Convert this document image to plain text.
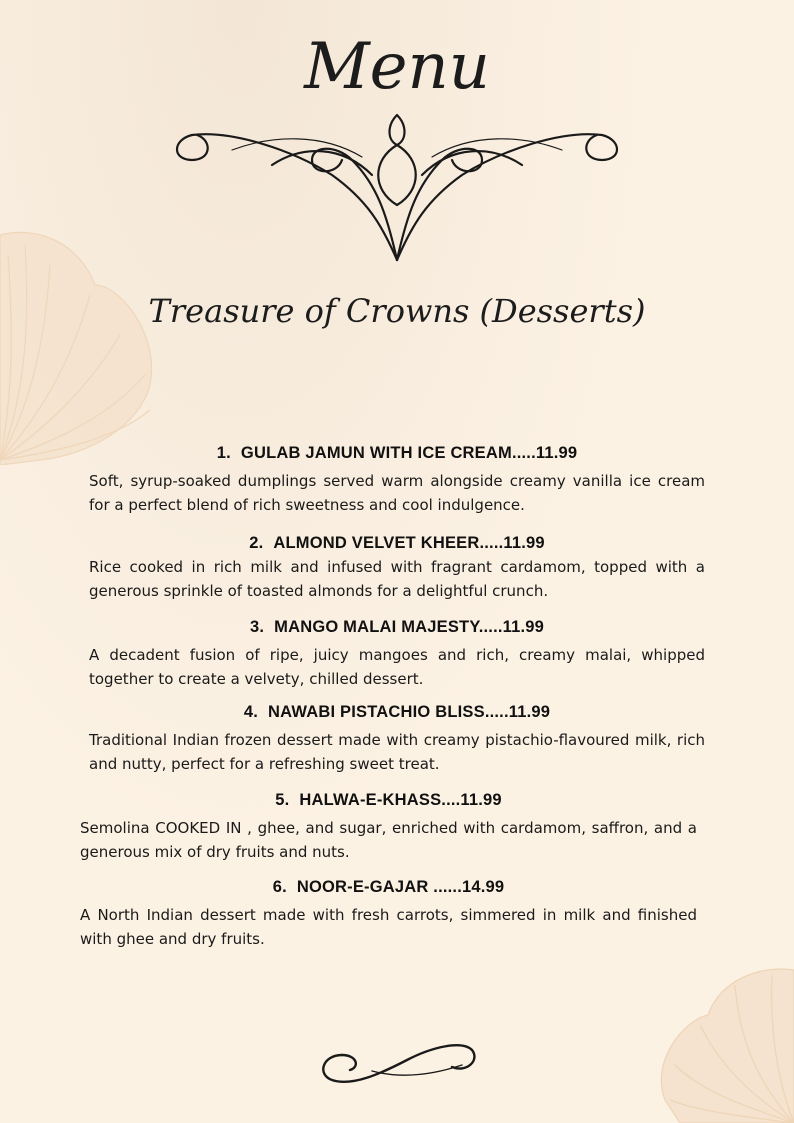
Menu
Treasure of Crowns (Desserts)
1. GULAB JAMUN WITH ICE CREAM.....11.99

Soft, syrup-soaked dumplings served warm alongside creamy vanilla ice cream for a perfect blend of rich sweetness and cool indulgence.

2. ALMOND VELVET KHEER.....11.99

Rice cooked in rich milk and infused with fragrant cardamom, topped with a generous sprinkle of toasted almonds for a delightful crunch.

3. MANGO MALAI MAJESTY.....11.99

A decadent fusion of ripe, juicy mangoes and rich, creamy malai, whipped together to create a velvety, chilled dessert.

4. NAWABI PISTACHIO BLISS.....11.99

Traditional Indian frozen dessert made with creamy pistachio-flavoured milk, rich and nutty, perfect for a refreshing sweet treat.

5. HALWA-E-KHASS....11.99

Semolina COOKED IN , ghee, and sugar, enriched with cardamom, saffron, and a generous mix of dry fruits and nuts.

6. NOOR-E-GAJAR ......14.99

A North Indian dessert made with fresh carrots, simmered in milk and finished with ghee and dry fruits.
